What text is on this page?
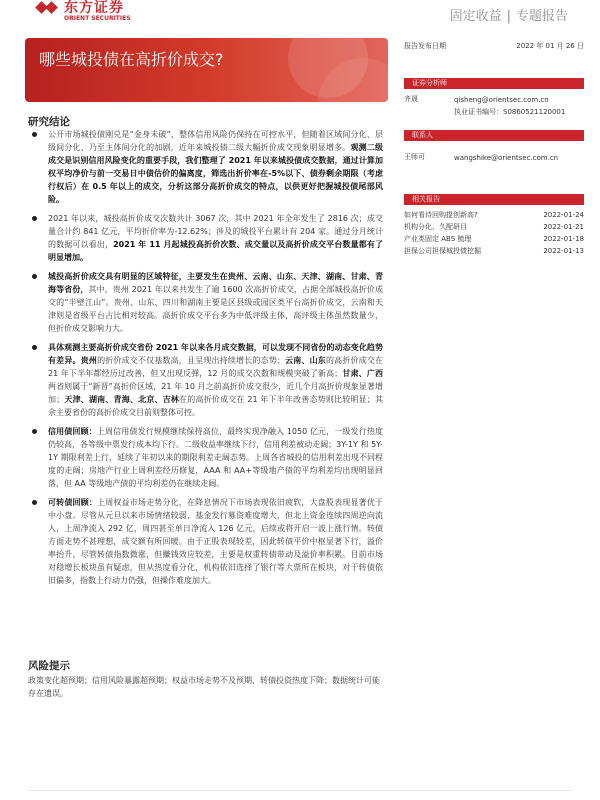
东方证券
ORIENT SECURITIES	固定收益 | 专题报告
哪些城投债在高折价成交?
研究结论
公开市场城投债刚兑是“金身未破”，整体信用风险仍保持在可控水平，但随着区域间分化、层级间分化、乃至主体间分化的加剧，近年来城投债二级大幅折价成交现象明显增多。观测二级成交是识别信用风险变化的重要手段，我们整理了 2021 年以来城投债成交数据，通过计算加权平均净价与前一交易日中债估价的偏离度，筛选出折价率在-5%以下、债券剩余期限（考虑行权后）在 0.5 年以上的成交，分析这部分高折价成交的特点，以供更好把握城投债尾部风险。
2021 年以来，城投高折价成交次数共计 3067 次，其中 2021 年全年发生了 2816 次；成交量合计约 841 亿元，平均折价率为-12.62%；涉及的城投平台累计有 204 家。通过分月统计的数据可以看出，2021 年 11 月起城投高折价次数、成交量以及高折价成交平台数量都有了明显增加。
城投高折价成交具有明显的区域特征，主要发生在贵州、云南、山东、天津、湖南、甘肃、青海等省份，其中，贵州 2021 年以来共发生了逾 1600 次高折价成交，占据全部城投高折价成交的“半壁江山”。贵州、山东、四川和湖南主要是区县级或园区类平台高折价成交，云南和天津则是省级平台占比相对较高。高折价成交平台多为中低评级主体，高评级主体虽然数量少，但折价成交影响力大。
具体观测主要高折价成交省份 2021 年以来各月成交数据，可以发现不同省份的动态变化趋势有差异。贵州的折价成交不仅基数高，且呈现出持续增长的态势；云南、山东的高折价成交在 21 年下半年都经历过改善，但又出现反弹，12 月的成交次数和规模突破了新高；甘肃、广西两省则属于“新晋”高折价区域，21 年 10 月之前高折价成交很少，近几个月高折价现象显著增加；天津、湖南、青海、北京、吉林在的高折价成交在 21 年下半年改善态势则比较明显；其余主要省份的高折价成交目前则整体可控。
信用债回顾：上周信用债发行规模继续保持高位，最终实现净融入 1050 亿元，一级发行热度仍较高，各等级中票发行成本均下行。二级收益率继续下行，信用利差被动走阔；3Y-1Y 和 5Y-1Y 期限利差上行，延续了年初以来的期限利差走阔态势。上周各省城投的信用利差出现不同程度的走阔；房地产行业上周利差经历修复，AAA 和 AA+等级地产债的平均利差均出现明显回落，但 AA 等级地产债的平均利差仍在继续走阔。
可转债回顾：上周权益市场走势分化，在降息情况下市场表现依旧疲软，大盘股表现显著优于中小盘。尽管从元旦以来市场情绪较弱，基金发行募资难度增大，但北上资金连续四周逆向流入，上周净流入 292 亿，周四甚至单日净流入 126 亿元，后续或将开启一波上涨行情。转债方面走势不甚理想，成交额有所回暖。由于正股表现较差，因此转债平价中枢显著下行，溢价率抬升，尽管转债指数微涨，但赚钱效应较差，主要是权重转债带动及溢价率积累。目前市场对稳增长板块虽有疑虑，但从热度看分化，机构依旧选择了银行等大票所在板块，对于转债依旧偏多，指数上行动力仍强，但操作难度加大。
风险提示
政策变化超预期；信用风险暴露超预期；权益市场走势不及预期，转债投资热度下降；数据统计可能存在遗误。
报告发布日期	2022 年 01 月 26 日
证券分析师
齐晟	qisheng@orientsec.com.cn
执业证书编号：S0860521120001
联系人
王师可	wangshike@orientsec.com.cn
相关报告
如何看待回购提创新高?	2022-01-24
机构分化、久配研目	2022-01-21
产业类固定 ABS 梳理	2022-01-18
担保公司担保城投债挖掘	2022-01-13
